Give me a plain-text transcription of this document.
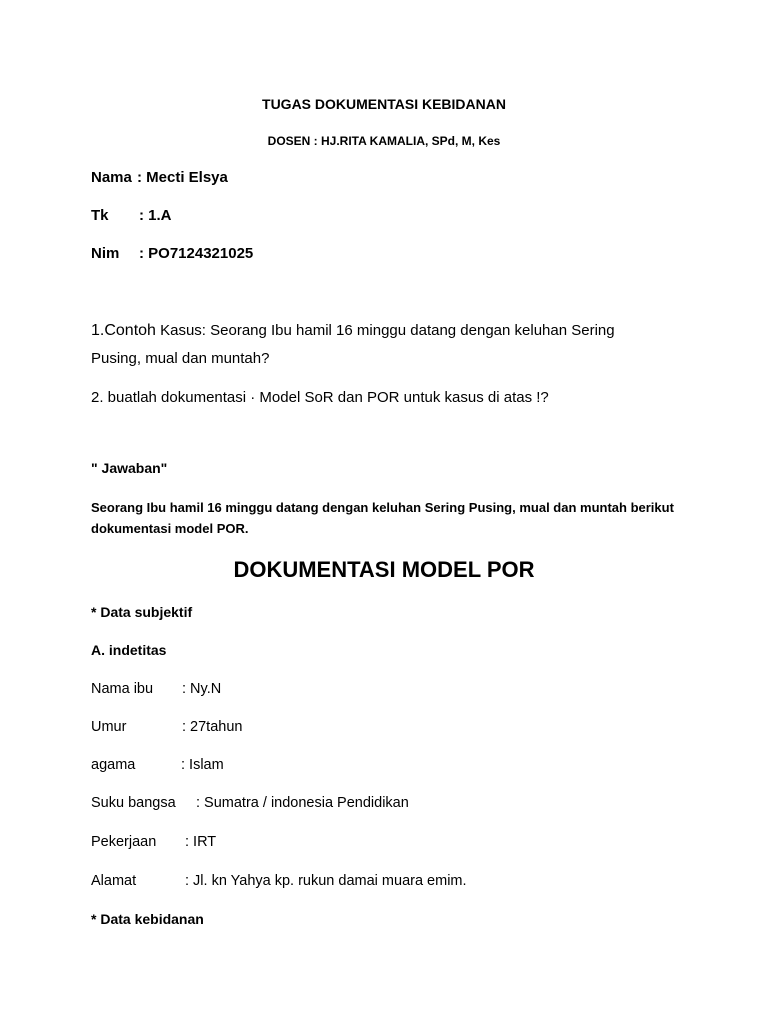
TUGAS DOKUMENTASI KEBIDANAN
DOSEN : HJ.RITA KAMALIA, SPd, M, Kes
Nama : Mecti Elsya
Tk : 1.A
Nim : PO7124321025
1.Contoh Kasus: Seorang Ibu hamil 16 minggu datang dengan keluhan Sering
Pusing, mual dan muntah?
2. buatlah dokumentasi · Model SoR dan POR untuk kasus di atas !?
" Jawaban"
Seorang Ibu hamil 16 minggu datang dengan keluhan Sering Pusing, mual dan muntah berikut dokumentasi model POR.
DOKUMENTASI MODEL POR
* Data subjektif
A. indetitas
Nama ibu : Ny.N
Umur	: 27tahun
agama	: Islam
Suku bangsa : Sumatra / indonesia Pendidikan
Pekerjaan : IRT
Alamat	: Jl. kn Yahya kp. rukun damai muara emim.
* Data kebidanan
